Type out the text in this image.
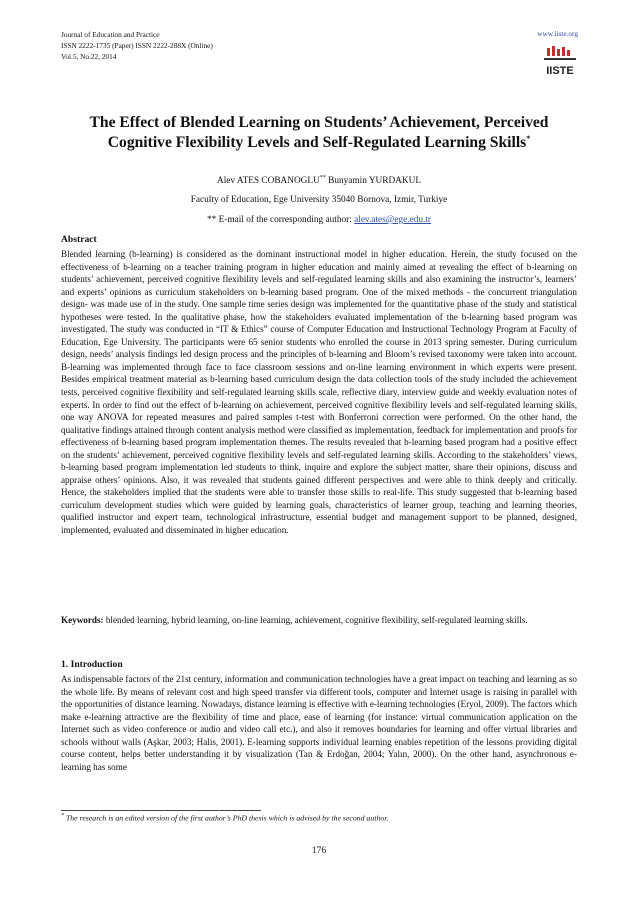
Journal of Education and Practice
ISSN 2222-1735 (Paper) ISSN 2222-288X (Online)
Vol.5, No.22, 2014
www.iiste.org
IISTE
The Effect of Blended Learning on Students’ Achievement, Perceived Cognitive Flexibility Levels and Self-Regulated Learning Skills*
Alev ATES COBANOGLU** Bunyamin YURDAKUL
Faculty of Education, Ege University 35040 Bornova, Izmir, Turkiye
** E-mail of the corresponding author: alev.ates@ege.edu.tr
Abstract
Blended learning (b-learning) is considered as the dominant instructional model in higher education. Herein, the study focused on the effectiveness of b-learning on a teacher training program in higher education and mainly aimed at revealing the effect of b-learning on students’ achievement, perceived cognitive flexibility levels and self-regulated learning skills and also examining the instructor’s, learners’ and experts’ opinions as curriculum stakeholders on b-learning based program. One of the mixed methods - the concurrent triangulation design- was made use of in the study. One sample time series design was implemented for the quantitative phase of the study and statistical hypotheses were tested. In the qualitative phase, how the stakeholders evaluated implementation of the b-learning based program was investigated. The study was conducted in “IT & Ethics” course of Computer Education and Instructional Technology Program at Faculty of Education, Ege University. The participants were 65 senior students who enrolled the course in 2013 spring semester. During curriculum design, needs’ analysis findings led design process and the principles of b-learning and Bloom’s revised taxonomy were taken into account. B-learning was implemented through face to face classroom sessions and on-line learning environment in which experts were present. Besides empirical treatment material as b-learning based curriculum design the data collection tools of the study included the achievement tests, perceived cognitive flexibility and self-regulated learning skills scale, reflective diary, interview guide and weekly evaluation notes of experts. In order to find out the effect of b-learning on achievement, perceived cognitive flexibility levels and self-regulated learning skills, one way ANOVA for repeated measures and paired samples t-test with Bonferroni correction were performed. On the other hand, the qualitative findings attained through content analysis method were classified as implementation, feedback for implementation and proofs for effectiveness of b-learning based program implementation themes. The results revealed that b-learning based program had a positive effect on the students’ achievement, perceived cognitive flexibility levels and self-regulated learning skills. According to the stakeholders’ views, b-learning based program implementation led students to think, inquire and explore the subject matter, share their opinions, discuss and appraise others’ opinions. Also, it was revealed that students gained different perspectives and were able to think deeply and critically. Hence, the stakeholders implied that the students were able to transfer those skills to real-life. This study suggested that b-learning based curriculum development studies which were guided by learning goals, characteristics of learner group, teaching and learning theories, qualified instructor and expert team, technological infrastructure, essential budget and management support to be planned, designed, implemented, evaluated and disseminated in higher education.
Keywords: blended learning, hybrid learning, on-line learning, achievement, cognitive flexibility, self-regulated learning skills.
1. Introduction
As indispensable factors of the 21st century, information and communication technologies have a great impact on teaching and learning as so the whole life. By means of relevant cost and high speed transfer via different tools, computer and Internet usage is raising in parallel with the opportunities of distance learning. Nowadays, distance learning is effective with e-learning technologies (Eryol, 2009). The factors which make e-learning attractive are the flexibility of time and place, ease of learning (for instance: virtual communication application on the Internet such as video conference or audio and video call etc.), and also it removes boundaries for learning and offer virtual libraries and schools without walls (Aşkar, 2003; Halis, 2001). E-learning supports individual learning enables repetition of the lessons providing digital course content, helps better understanding it by visualization (Tan & Erdoğan, 2004; Yalın, 2000). On the other hand, asynchronous e-learning has some
* The research is an edited version of the first author’s PhD thesis which is advised by the second author.
176
